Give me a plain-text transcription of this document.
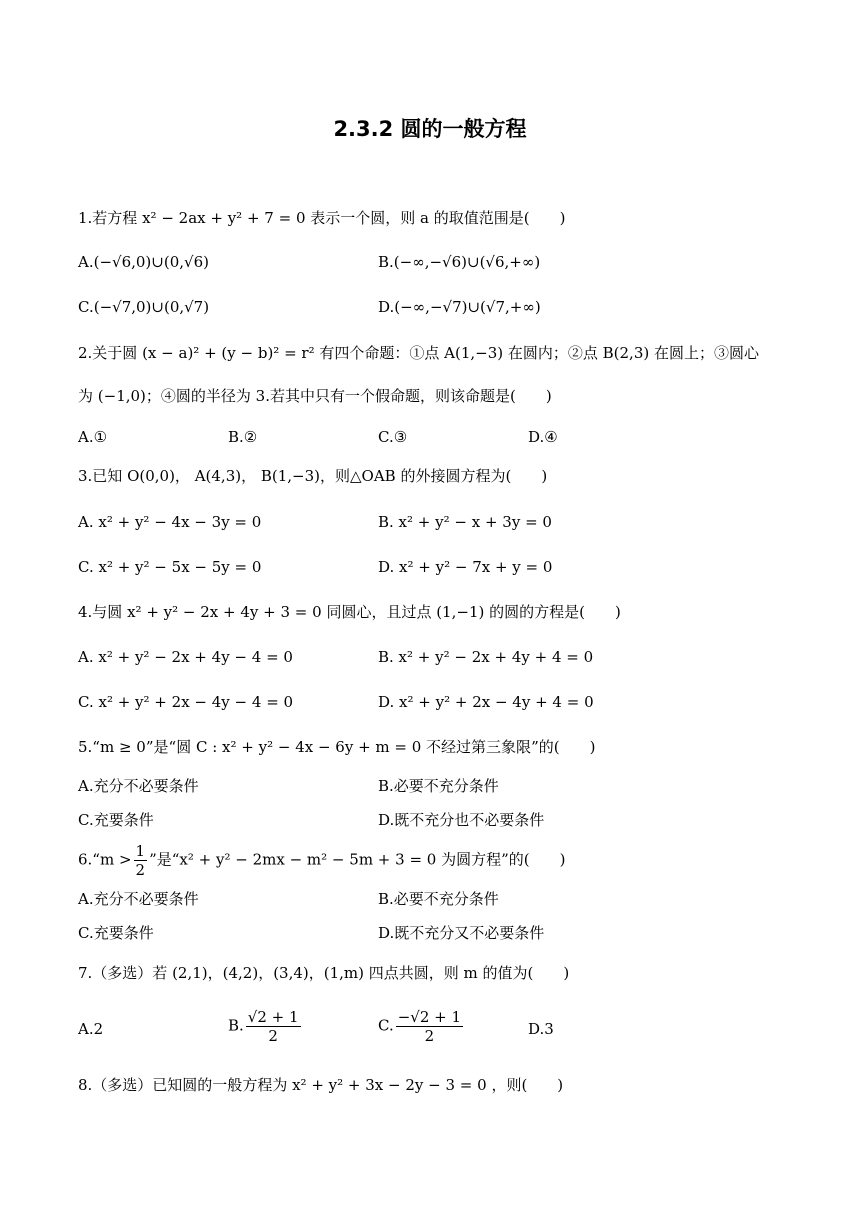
2.3.2 圆的一般方程
1.若方程 x² − 2ax + y² + 7 = 0 表示一个圆，则 a 的取值范围是(　　)
A.(−√6,0)∪(0,√6)	B.(−∞,−√6)∪(√6,+∞)
C.(−√7,0)∪(0,√7)	D.(−∞,−√7)∪(√7,+∞)
2.关于圆 (x − a)² + (y − b)² = r² 有四个命题：①点 A(1,−3) 在圆内；②点 B(2,3) 在圆上；③圆心
为 (−1,0)；④圆的半径为 3.若其中只有一个假命题，则该命题是(　　)
A.①	B.②	C.③	D.④
3.已知 O(0,0)， A(4,3)， B(1,−3)，则△OAB 的外接圆方程为(　　)
A. x² + y² − 4x − 3y = 0	B. x² + y² − x + 3y = 0
C. x² + y² − 5x − 5y = 0	D. x² + y² − 7x + y = 0
4.与圆 x² + y² − 2x + 4y + 3 = 0 同圆心，且过点 (1,−1) 的圆的方程是(　　)
A. x² + y² − 2x + 4y − 4 = 0	B. x² + y² − 2x + 4y + 4 = 0
C. x² + y² + 2x − 4y − 4 = 0	D. x² + y² + 2x − 4y + 4 = 0
5.“m ≥ 0”是“圆 C : x² + y² − 4x − 6y + m = 0 不经过第三象限”的(　　)
A.充分不必要条件	B.必要不充分条件
C.充要条件	D.既不充分也不必要条件
6.“m > $\frac{1}{2}$ ”是“x² + y² − 2mx − m² − 5m + 3 = 0 为圆方程”的(　　)
A.充分不必要条件	B.必要不充分条件
C.充要条件	D.既不充分又不必要条件
7.（多选）若 (2,1)，(4,2)，(3,4)，(1,m) 四点共圆，则 m 的值为(　　)
A.2	B. $\frac{√2 + 1}{2}$	C. $\frac{-√2 + 1}{2}$	D.3
8.（多选）已知圆的一般方程为 x² + y² + 3x − 2y − 3 = 0 ，则(　　)
